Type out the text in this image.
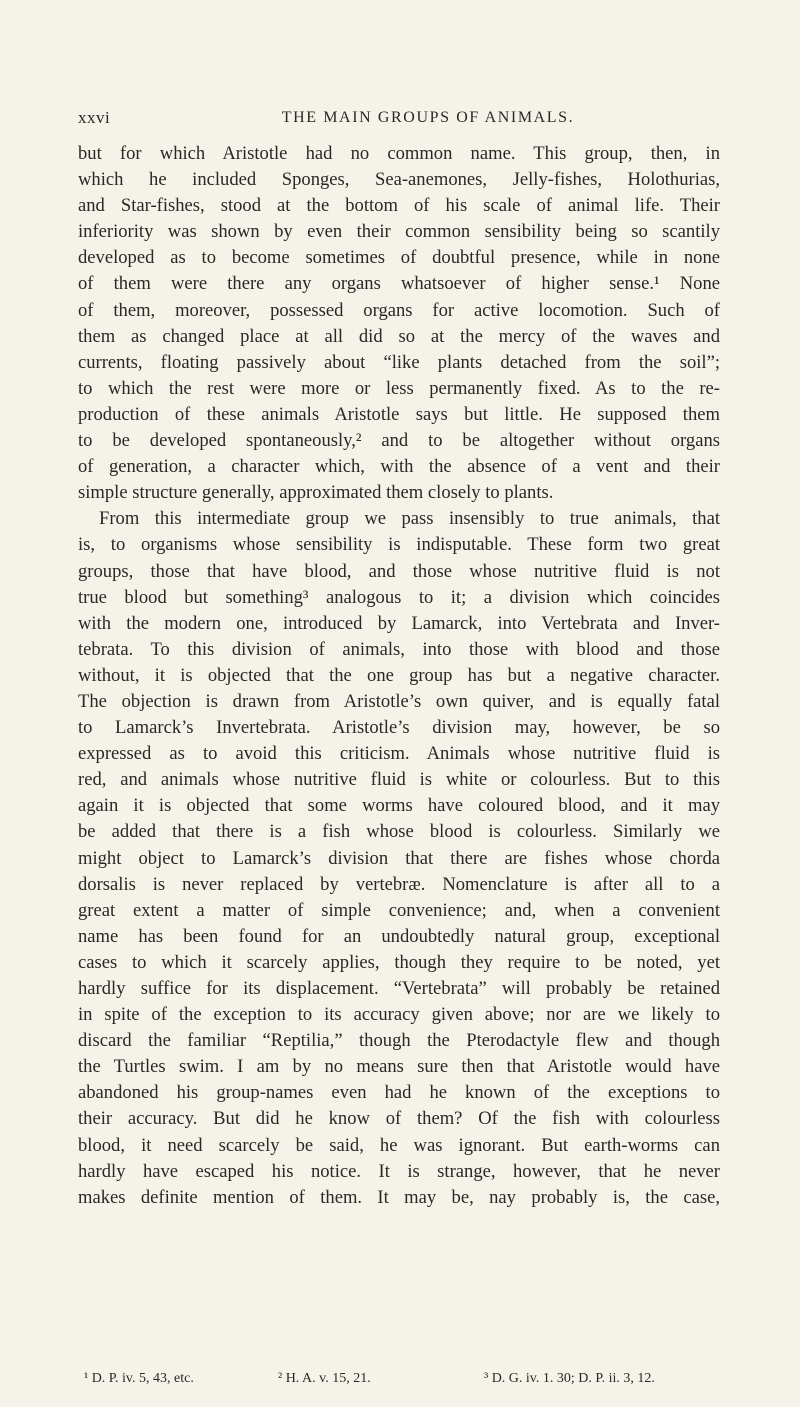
xxvi	THE MAIN GROUPS OF ANIMALS.
but for which Aristotle had no common name. This group, then, in
which he included Sponges, Sea-anemones, Jelly-fishes, Holothurias,
and Star-fishes, stood at the bottom of his scale of animal life. Their
inferiority was shown by even their common sensibility being so scantily
developed as to become sometimes of doubtful presence, while in none
of them were there any organs whatsoever of higher sense.¹ None
of them, moreover, possessed organs for active locomotion. Such of
them as changed place at all did so at the mercy of the waves and
currents, floating passively about “like plants detached from the soil”;
to which the rest were more or less permanently fixed. As to the re-
production of these animals Aristotle says but little. He supposed them
to be developed spontaneously,² and to be altogether without organs
of generation, a character which, with the absence of a vent and their
simple structure generally, approximated them closely to plants.
From this intermediate group we pass insensibly to true animals, that
is, to organisms whose sensibility is indisputable. These form two great
groups, those that have blood, and those whose nutritive fluid is not
true blood but something³ analogous to it; a division which coincides
with the modern one, introduced by Lamarck, into Vertebrata and Inver-
tebrata. To this division of animals, into those with blood and those
without, it is objected that the one group has but a negative character.
The objection is drawn from Aristotle’s own quiver, and is equally fatal
to Lamarck’s Invertebrata. Aristotle’s division may, however, be so
expressed as to avoid this criticism. Animals whose nutritive fluid is
red, and animals whose nutritive fluid is white or colourless. But to this
again it is objected that some worms have coloured blood, and it may
be added that there is a fish whose blood is colourless. Similarly we
might object to Lamarck’s division that there are fishes whose chorda
dorsalis is never replaced by vertebræ. Nomenclature is after all to a
great extent a matter of simple convenience; and, when a convenient
name has been found for an undoubtedly natural group, exceptional
cases to which it scarcely applies, though they require to be noted, yet
hardly suffice for its displacement. “Vertebrata” will probably be retained
in spite of the exception to its accuracy given above; nor are we likely to
discard the familiar “Reptilia,” though the Pterodactyle flew and though
the Turtles swim. I am by no means sure then that Aristotle would have
abandoned his group-names even had he known of the exceptions to
their accuracy. But did he know of them? Of the fish with colourless
blood, it need scarcely be said, he was ignorant. But earth-worms can
hardly have escaped his notice. It is strange, however, that he never
makes definite mention of them. It may be, nay probably is, the case,
¹ D. P. iv. 5, 43, etc.	² H. A. v. 15, 21.	³ D. G. iv. 1. 30; D. P. ii. 3, 12.
